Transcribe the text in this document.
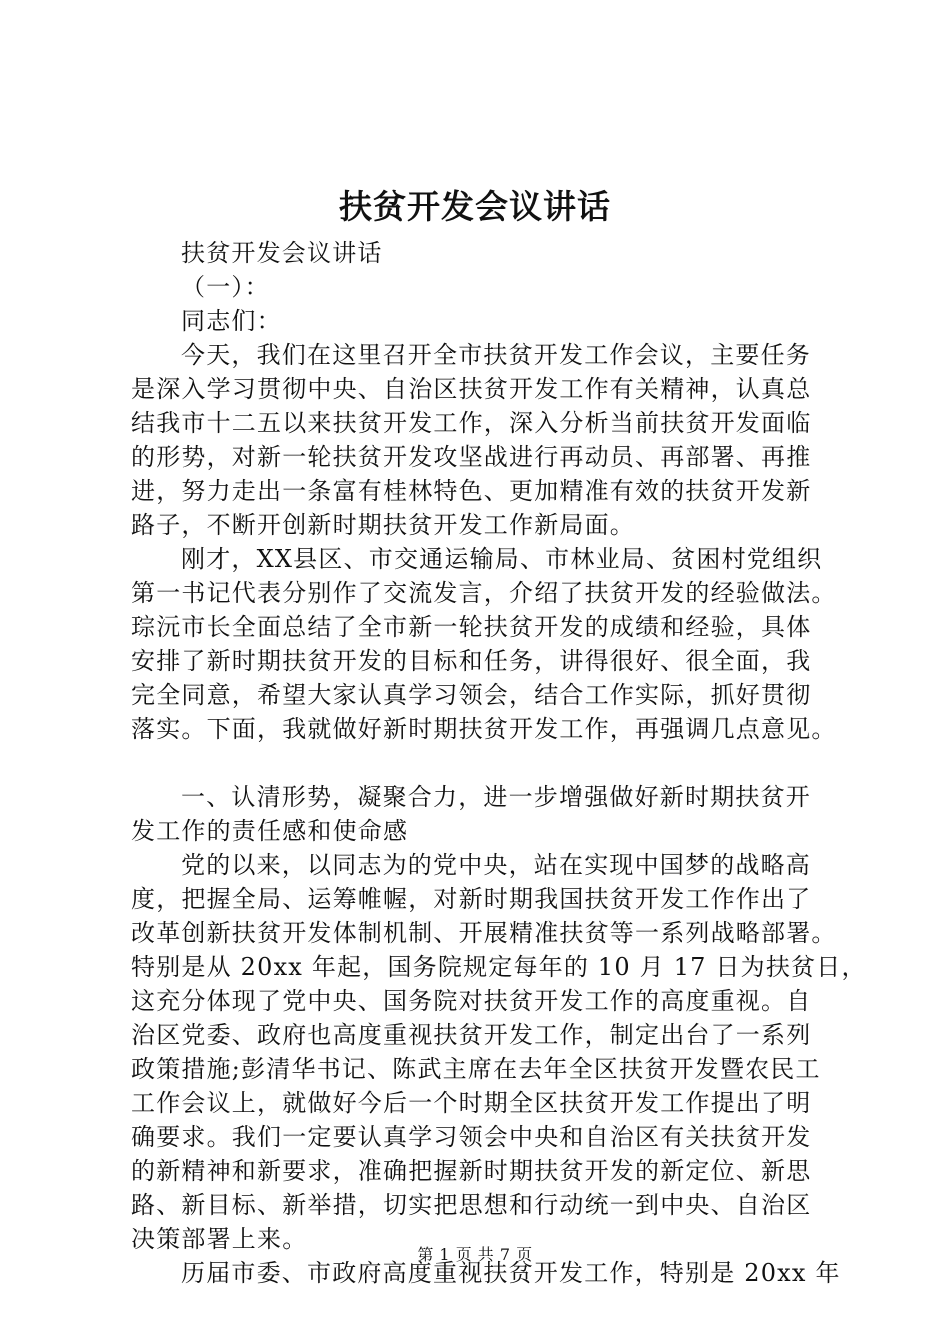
扶贫开发会议讲话
扶贫开发会议讲话
（一）：
同志们：
今天，我们在这里召开全市扶贫开发工作会议，主要任务
是深入学习贯彻中央、自治区扶贫开发工作有关精神，认真总
结我市十二五以来扶贫开发工作，深入分析当前扶贫开发面临
的形势，对新一轮扶贫开发攻坚战进行再动员、再部署、再推
进，努力走出一条富有桂林特色、更加精准有效的扶贫开发新
路子，不断开创新时期扶贫开发工作新局面。
刚才，XX县区、市交通运输局、市林业局、贫困村党组织
第一书记代表分别作了交流发言，介绍了扶贫开发的经验做法。
琮沅市长全面总结了全市新一轮扶贫开发的成绩和经验，具体
安排了新时期扶贫开发的目标和任务，讲得很好、很全面，我
完全同意，希望大家认真学习领会，结合工作实际，抓好贯彻
落实。下面，我就做好新时期扶贫开发工作，再强调几点意见。
一、认清形势，凝聚合力，进一步增强做好新时期扶贫开
发工作的责任感和使命感
党的以来，以同志为的党中央，站在实现中国梦的战略高
度，把握全局、运筹帷幄，对新时期我国扶贫开发工作作出了
改革创新扶贫开发体制机制、开展精准扶贫等一系列战略部署。
特别是从 20xx 年起，国务院规定每年的 10 月 17 日为扶贫日，
这充分体现了党中央、国务院对扶贫开发工作的高度重视。自
治区党委、政府也高度重视扶贫开发工作，制定出台了一系列
政策措施;彭清华书记、陈武主席在去年全区扶贫开发暨农民工
工作会议上，就做好今后一个时期全区扶贫开发工作提出了明
确要求。我们一定要认真学习领会中央和自治区有关扶贫开发
的新精神和新要求，准确把握新时期扶贫开发的新定位、新思
路、新目标、新举措，切实把思想和行动统一到中央、自治区
决策部署上来。
历届市委、市政府高度重视扶贫开发工作，特别是 20xx 年
第 1 页 共 7 页
